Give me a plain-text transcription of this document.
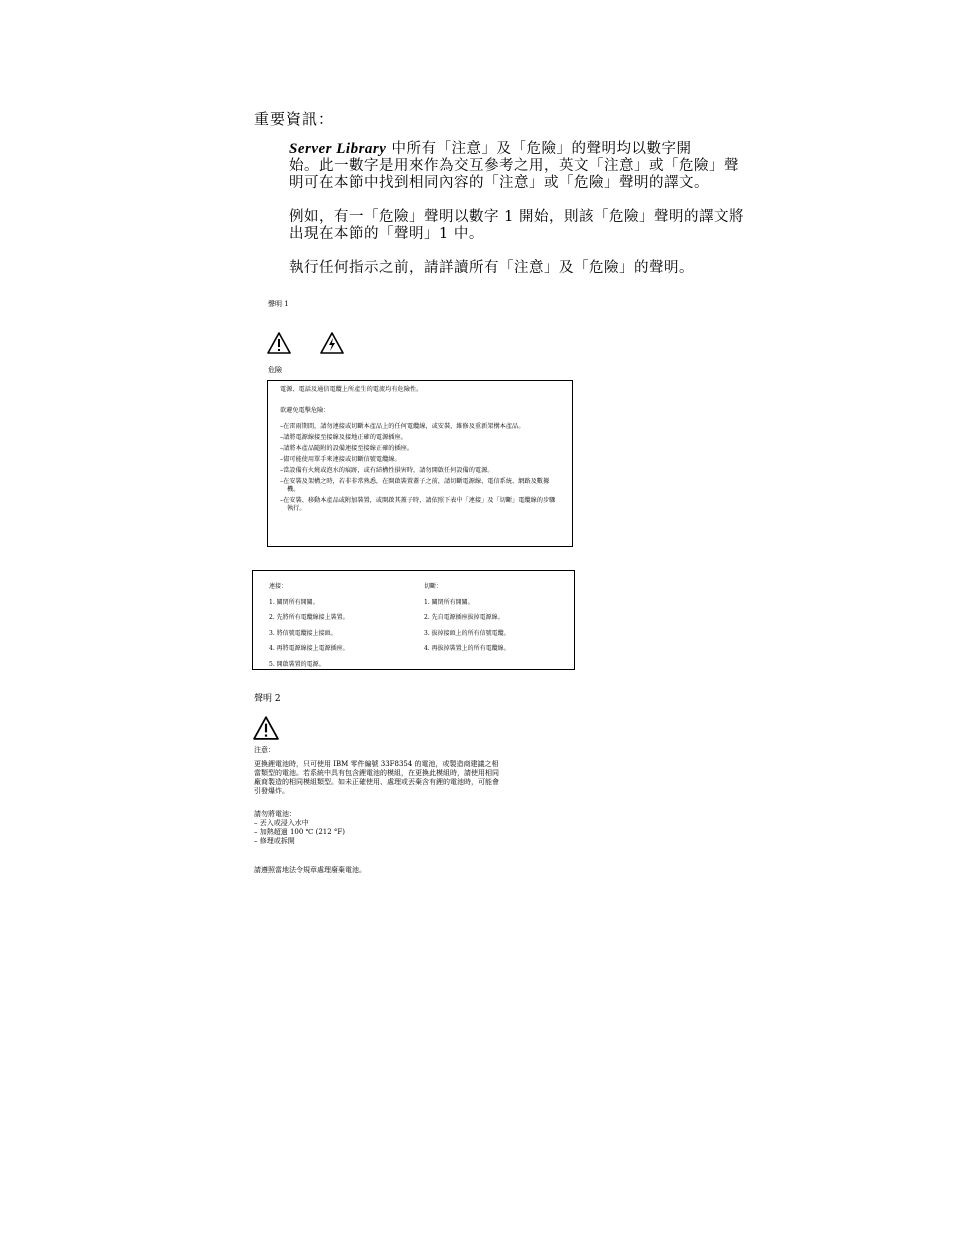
重要資訊：
Server Library 中所有「注意」及「危險」的聲明均以數字開
始。此一數字是用來作為交互參考之用，英文「注意」或「危險」聲
明可在本節中找到相同內容的「注意」或「危險」聲明的譯文。
例如，有一「危險」聲明以數字 1 開始，則該「危險」聲明的譯文將
出現在本節的「聲明」1 中。
執行任何指示之前，請詳讀所有「注意」及「危險」的聲明。
聲明 1
危險
電源、電話及通信電纜上所產生的電流均有危險性。
欲避免電擊危險：
–在雷雨期間，請勿連接或切斷本產品上的任何電纜線，或安裝、維修及重新架構本產品。
–請將電源線接至接線及接地正確的電源插座。
–請將本產品隨附的設備連接至接線正確的插座。
–儘可能使用單手來連接或切斷信號電纜線。
–當設備有火燒或泡水的痕跡，或有結構性損害時，請勿開啟任何設備的電源。
–在安裝及架構之時，若非非常熟悉，在開啟裝置蓋子之前，請切斷電源線、電信系統、網路及數據機。
–在安裝、移動本產品或附加裝置，或開啟其蓋子時，請依照下表中「連接」及「切斷」電纜線的步驟執行。
連接：
1. 關閉所有開關。
2. 先將所有電纜線接上裝置。
3. 將信號電纜接上接頭。
4. 再將電源線接上電源插座。
5. 開啟裝置的電源。
切斷：
1. 關閉所有開關。
2. 先自電源插座拔掉電源線。
3. 拔掉接頭上的所有信號電纜。
4. 再拔掉裝置上的所有電纜線。
聲明 2
注意：
更換鋰電池時，只可使用 IBM 零件編號 33F8354 的電池，或製造商建議之相
當類型的電池。若系統中具有包含鋰電池的模組，在更換此模組時，請使用相同
廠商製造的相同模組類型。如未正確使用、處理或丟棄含有鋰的電池時，可能會
引發爆炸。
請勿將電池：
– 丟入或浸入水中
– 加熱超過 100 ℃ (212 °F)
– 修理或拆開
請遵照當地法令規章處理廢棄電池。
